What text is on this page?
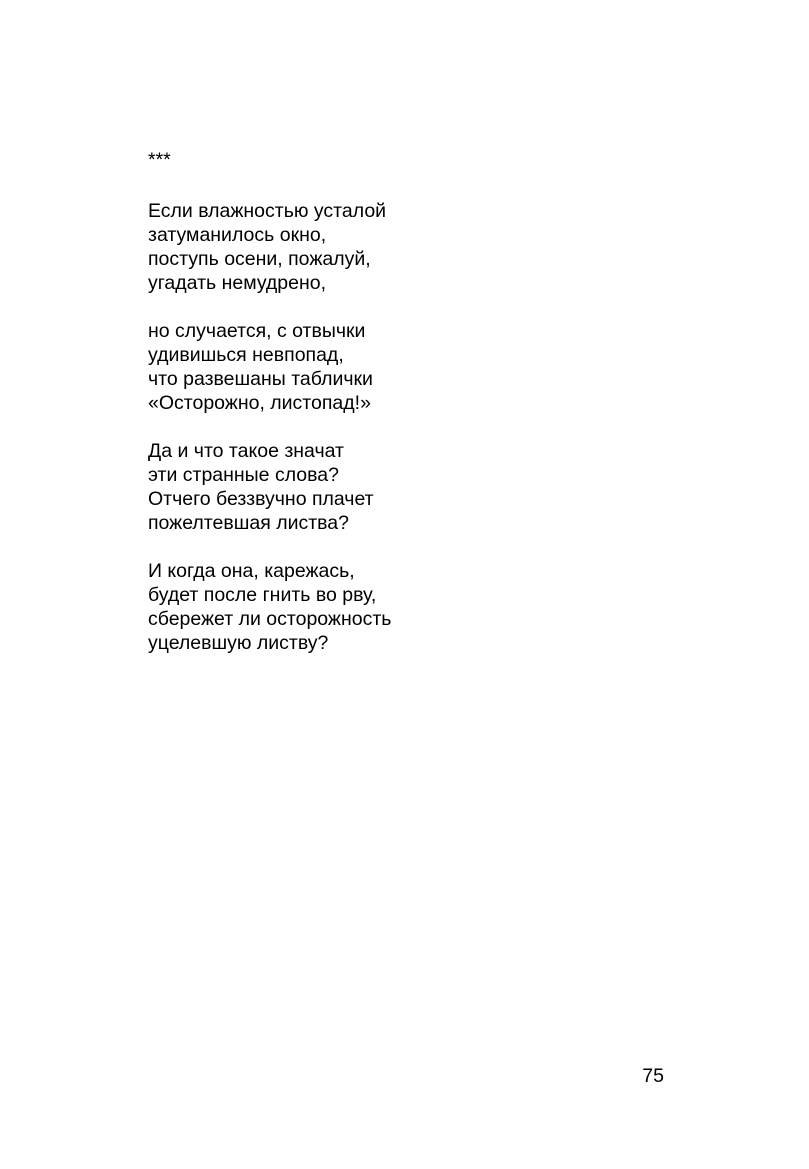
***
Если влажностью усталой
затуманилось окно,
поступь осени, пожалуй,
угадать немудрено,
но случается, с отвычки
удивишься невпопад,
что развешаны таблички
«Осторожно, листопад!»
Да и что такое значат
эти странные слова?
Отчего беззвучно плачет
пожелтевшая листва?
И когда она, карежась,
будет после гнить во рву,
сбережет ли осторожность
уцелевшую листву?
75
